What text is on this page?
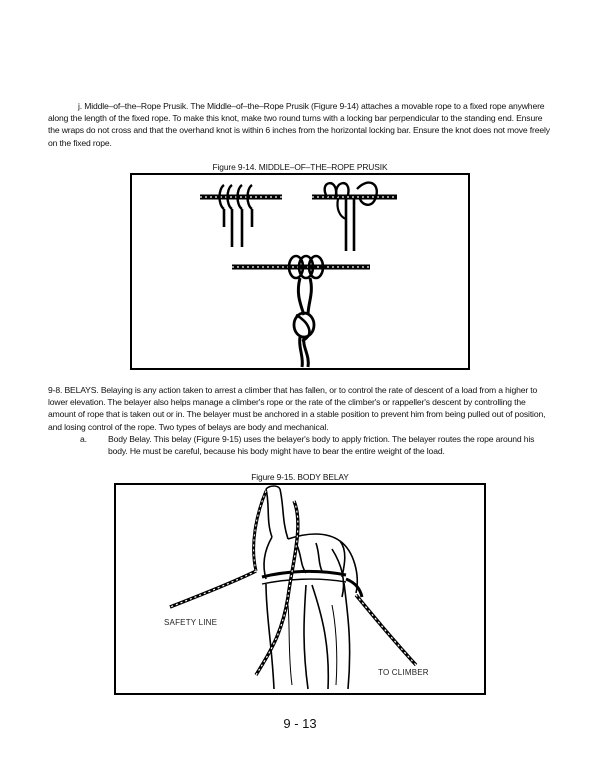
j. Middle–of–the–Rope Prusik. The Middle–of–the–Rope Prusik (Figure 9-14) attaches a movable rope to a fixed rope anywhere along the length of the fixed rope. To make this knot, make two round turns with a locking bar perpendicular to the standing end. Ensure the wraps do not cross and that the overhand knot is within 6 inches from the horizontal locking bar. Ensure the knot does not move freely on the fixed rope.

Figure 9-14. MIDDLE–OF–THE–ROPE PRUSIK

9-8. BELAYS. Belaying is any action taken to arrest a climber that has fallen, or to control the rate of descent of a load from a higher to lower elevation. The belayer also helps manage a climber's rope or the rate of the climber's or rappeller's descent by controlling the amount of rope that is taken out or in. The belayer must be anchored in a stable position to prevent him from being pulled out of position, and losing control of the rope. Two types of belays are body and mechanical.

a.	Body Belay. This belay (Figure 9-15) uses the belayer's body to apply friction. The belayer routes the rope around his body. He must be careful, because his body might have to bear the entire weight of the load.

Figure 9-15. BODY BELAY

SAFETY LINE
TO CLIMBER
9 - 13
